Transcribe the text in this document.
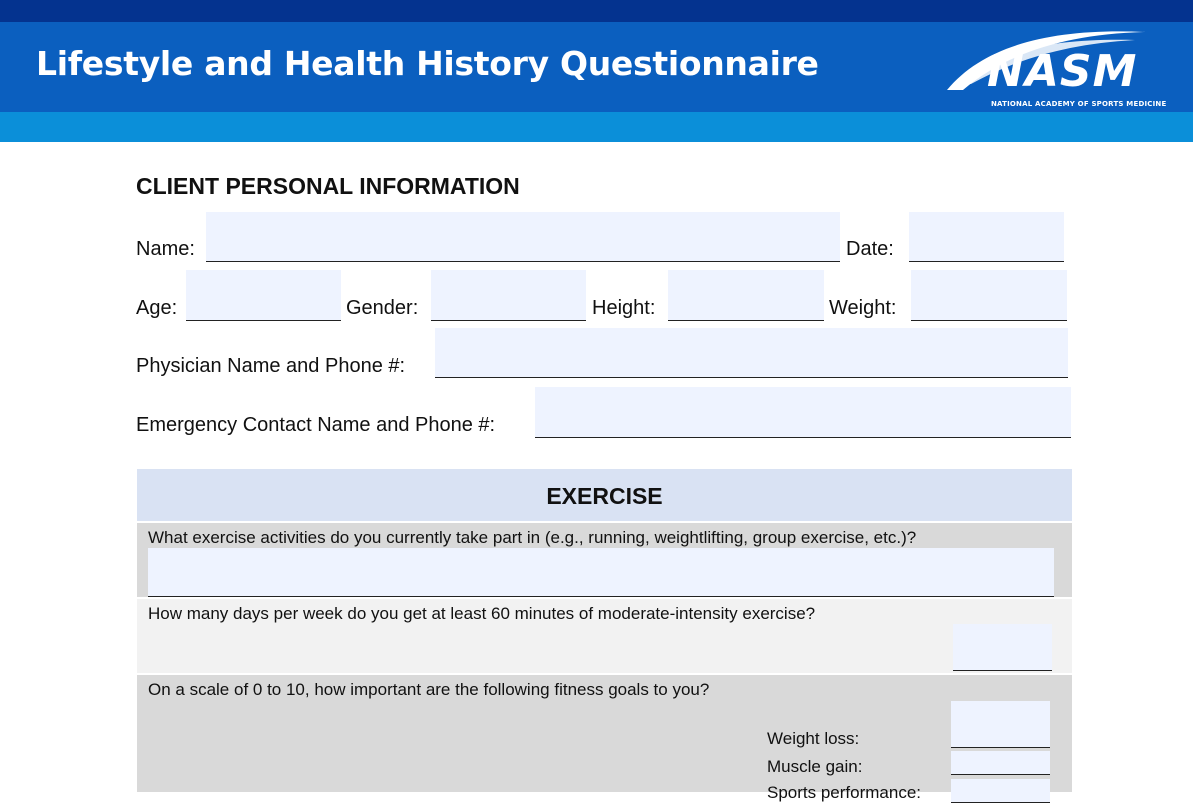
Lifestyle and Health History Questionnaire	NASM
NATIONAL ACADEMY OF SPORTS MEDICINE
CLIENT PERSONAL INFORMATION
Name:	Date:
Age:	Gender:	Height:	Weight:
Physician Name and Phone #:
Emergency Contact Name and Phone #:
EXERCISE
What exercise activities do you currently take part in (e.g., running, weightlifting, group exercise, etc.)?
How many days per week do you get at least 60 minutes of moderate-intensity exercise?
On a scale of 0 to 10, how important are the following fitness goals to you?
Weight loss:
Muscle gain:
Sports performance:
